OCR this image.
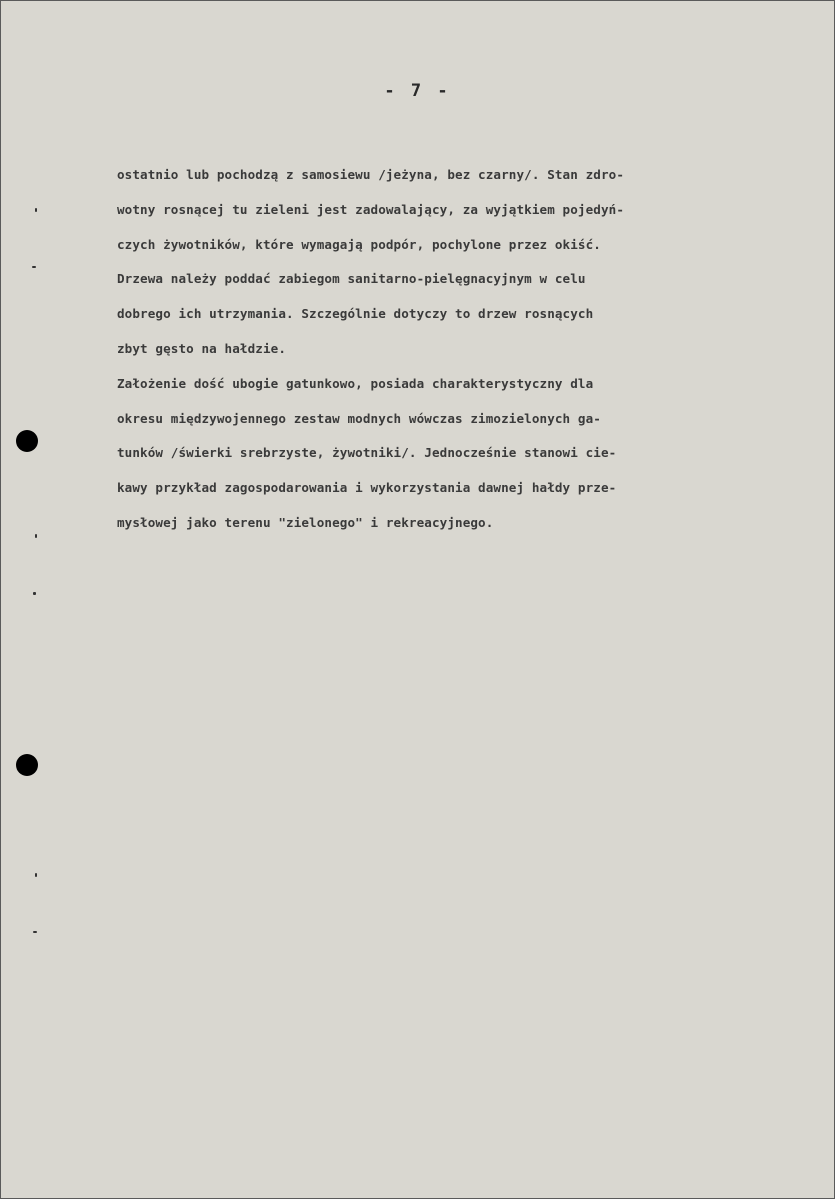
- 7 -
ostatnio lub pochodzą z samosiewu /jeżyna, bez czarny/. Stan zdro-
wotny rosnącej tu zieleni jest zadowalający, za wyjątkiem pojedyń-
czych żywotników, które wymagają podpór, pochylone przez okiść.
Drzewa należy poddać zabiegom sanitarno-pielęgnacyjnym w celu
dobrego ich utrzymania. Szczególnie dotyczy to drzew rosnących
zbyt gęsto na hałdzie.
Założenie dość ubogie gatunkowo, posiada charakterystyczny dla
okresu międzywojennego zestaw modnych wówczas zimozielonych ga-
tunków /świerki srebrzyste, żywotniki/. Jednocześnie stanowi cie-
kawy przykład zagospodarowania i wykorzystania dawnej hałdy prze-
mysłowej jako terenu "zielonego" i rekreacyjnego.
